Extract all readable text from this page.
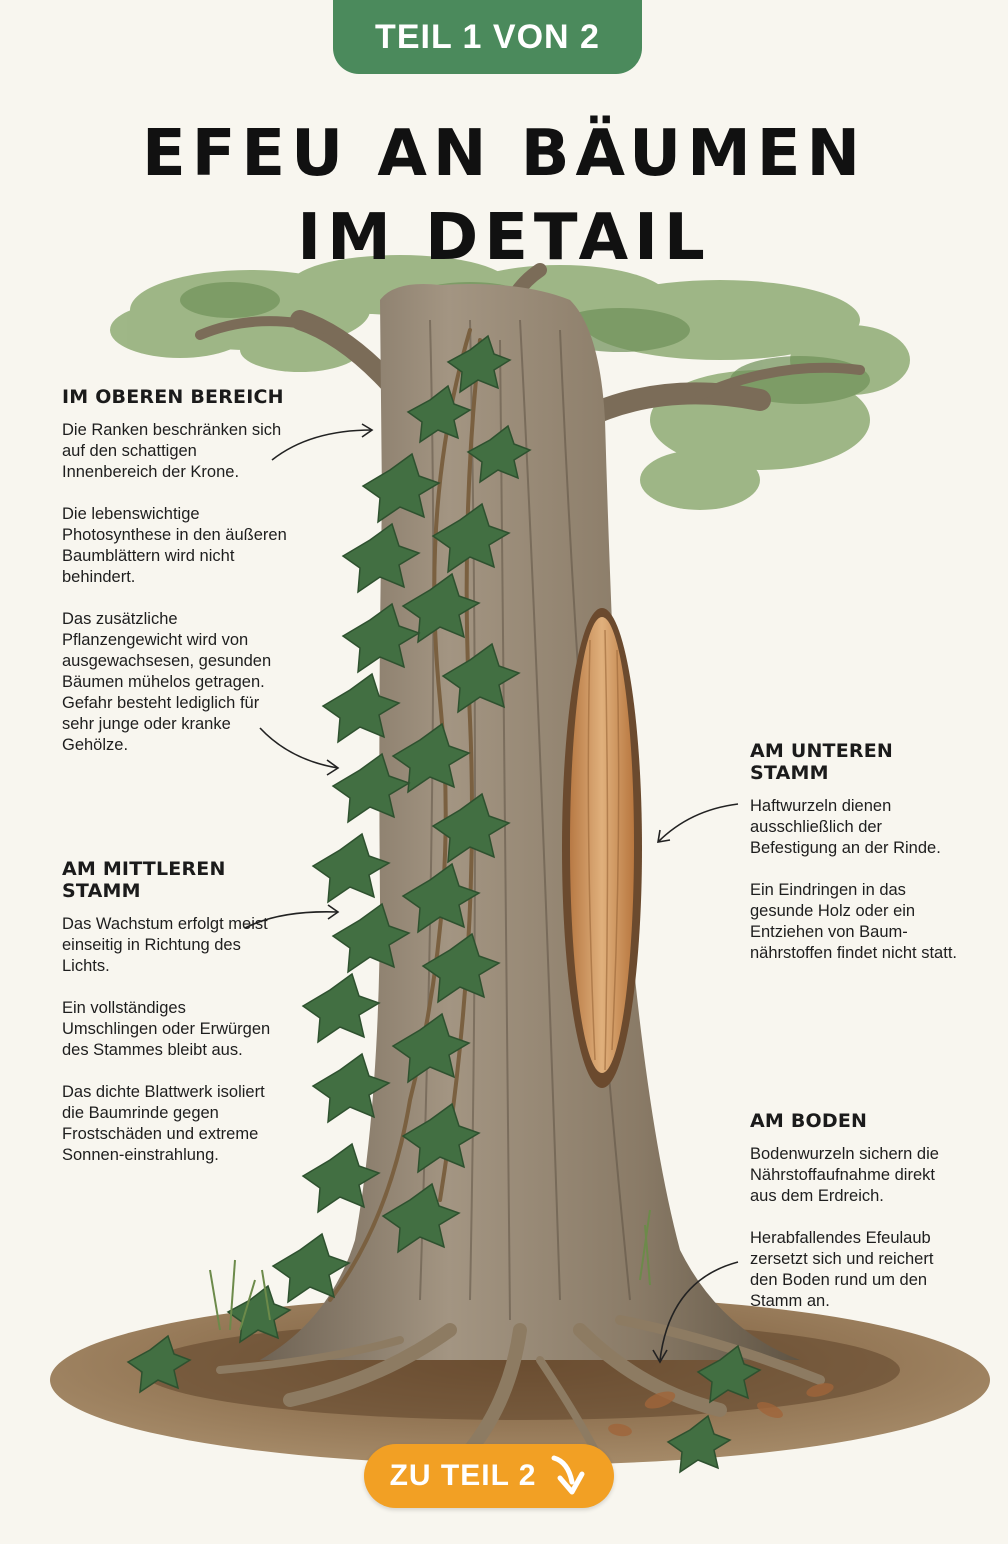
TEIL 1 VON 2
EFEU AN BÄUMEN
IM DETAIL
IM OBEREN BEREICH

Die Ranken beschränken sich auf den schattigen Innenbereich der Krone.

Die lebenswichtige Photosynthese in den äußeren Baumblättern wird nicht behindert.

Das zusätzliche Pflanzengewicht wird von ausgewachsesen, gesunden Bäumen mühelos getragen. Gefahr besteht lediglich für sehr junge oder kranke Gehölze.

AM MITTLEREN STAMM

Das Wachstum erfolgt meist einseitig in Richtung des Lichts.

Ein vollständiges Umschlingen oder Erwürgen des Stammes bleibt aus.

Das dichte Blattwerk isoliert die Baumrinde gegen Frostschäden und extreme Sonnen-einstrahlung.

AM UNTEREN STAMM

Haftwurzeln dienen ausschließlich der Befestigung an der Rinde.

Ein Eindringen in das gesunde Holz oder ein Entziehen von Baum-nährstoffen findet nicht statt.

AM BODEN

Bodenwurzeln sichern die Nährstoffaufnahme direkt aus dem Erdreich.

Herabfallendes Efeulaub zersetzt sich und reichert den Boden rund um den Stamm an.

ZU TEIL 2
